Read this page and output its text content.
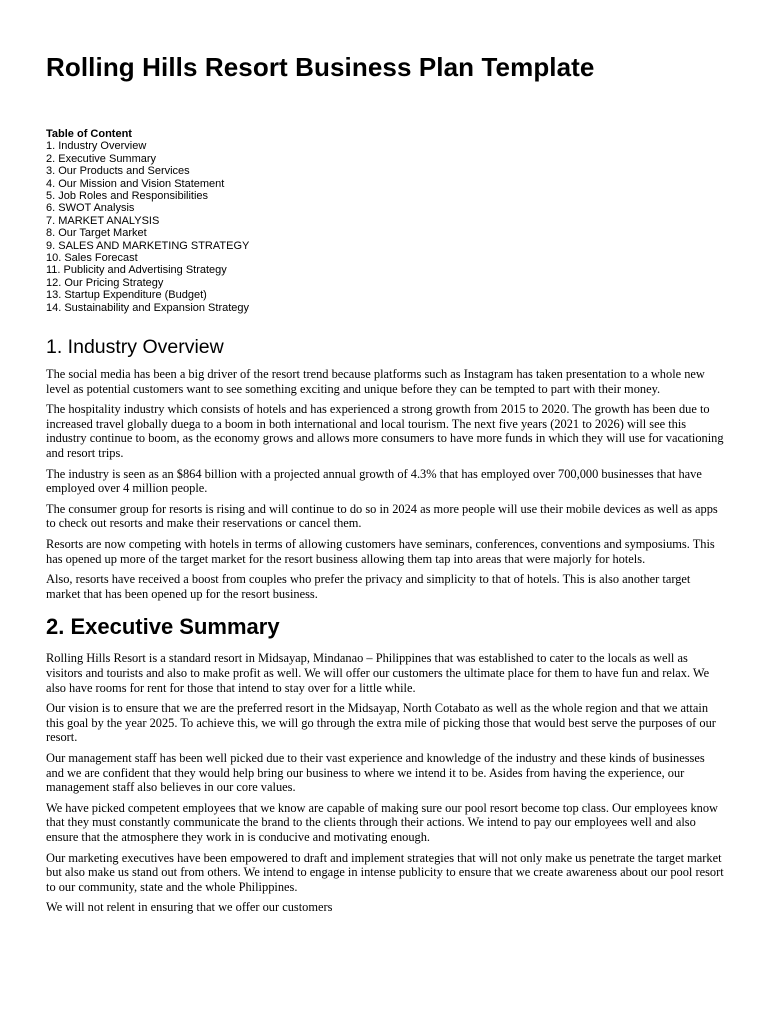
Rolling Hills Resort Business Plan Template
Table of Content
1. Industry Overview
2. Executive Summary
3. Our Products and Services
4. Our Mission and Vision Statement
5. Job Roles and Responsibilities
6. SWOT Analysis
7. MARKET ANALYSIS
8. Our Target Market
9. SALES AND MARKETING STRATEGY
10. Sales Forecast
11. Publicity and Advertising Strategy
12. Our Pricing Strategy
13. Startup Expenditure (Budget)
14. Sustainability and Expansion Strategy
1. Industry Overview

The social media has been a big driver of the resort trend because platforms such as Instagram has taken presentation to a whole new level as potential customers want to see something exciting and unique before they can be tempted to part with their money.

The hospitality industry which consists of hotels and has experienced a strong growth from 2015 to 2020. The growth has been due to increased travel globally duega to a boom in both international and local tourism. The next five years (2021 to 2026) will see this industry continue to boom, as the economy grows and allows more consumers to have more funds in which they will use for vacationing and resort trips.

The industry is seen as an $864 billion with a projected annual growth of 4.3% that has employed over 700,000 businesses that have employed over 4 million people.

The consumer group for resorts is rising and will continue to do so in 2024 as more people will use their mobile devices as well as apps to check out resorts and make their reservations or cancel them.

Resorts are now competing with hotels in terms of allowing customers have seminars, conferences, conventions and symposiums. This has opened up more of the target market for the resort business allowing them tap into areas that were majorly for hotels.

Also, resorts have received a boost from couples who prefer the privacy and simplicity to that of hotels. This is also another target market that has been opened up for the resort business.

2. Executive Summary

Rolling Hills Resort is a standard resort in Midsayap, Mindanao – Philippines that was established to cater to the locals as well as visitors and tourists and also to make profit as well. We will offer our customers the ultimate place for them to have fun and relax. We also have rooms for rent for those that intend to stay over for a little while.

Our vision is to ensure that we are the preferred resort in the Midsayap, North Cotabato as well as the whole region and that we attain this goal by the year 2025. To achieve this, we will go through the extra mile of picking those that would best serve the purposes of our resort.

Our management staff has been well picked due to their vast experience and knowledge of the industry and these kinds of businesses and we are confident that they would help bring our business to where we intend it to be. Asides from having the experience, our management staff also believes in our core values.

We have picked competent employees that we know are capable of making sure our pool resort become top class. Our employees know that they must constantly communicate the brand to the clients through their actions. We intend to pay our employees well and also ensure that the atmosphere they work in is conducive and motivating enough.

Our marketing executives have been empowered to draft and implement strategies that will not only make us penetrate the target market but also make us stand out from others. We intend to engage in intense publicity to ensure that we create awareness about our pool resort to our community, state and the whole Philippines.

We will not relent in ensuring that we offer our customers
